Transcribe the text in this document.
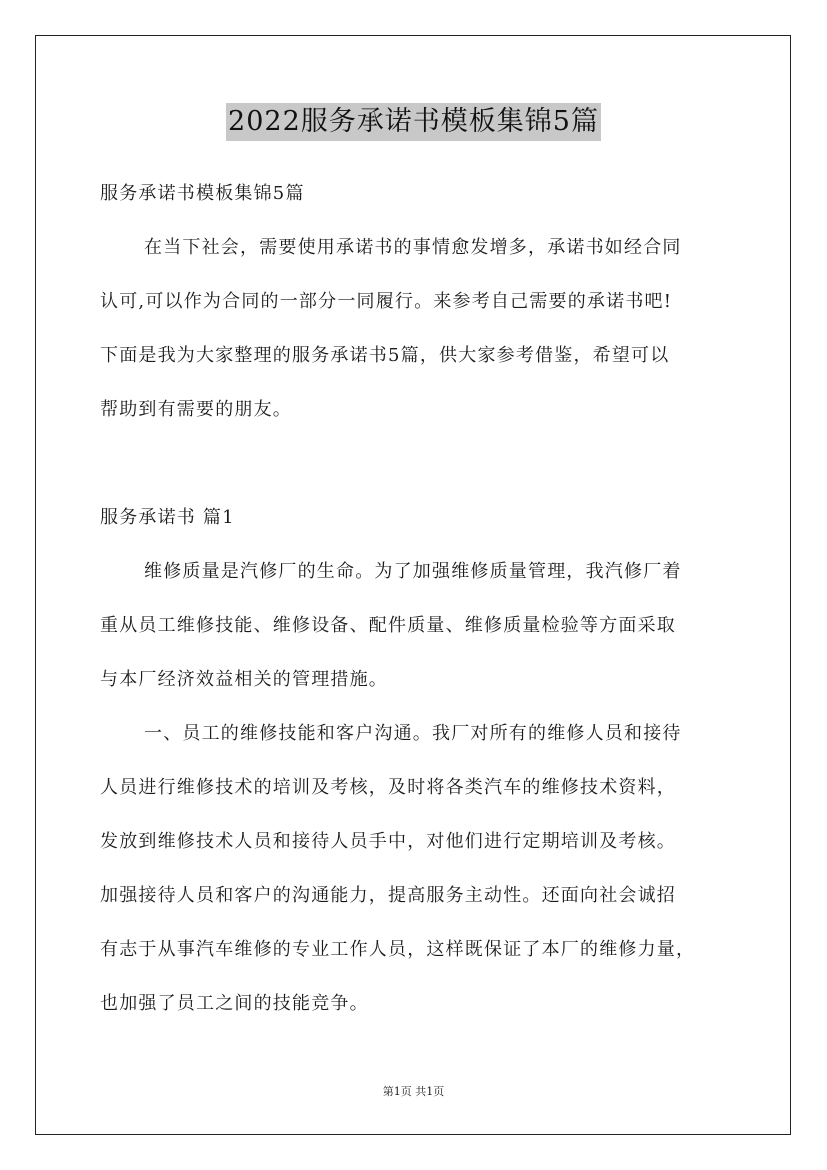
2022服务承诺书模板集锦5篇
服务承诺书模板集锦5篇
在当下社会，需要使用承诺书的事情愈发增多，承诺书如经合同
认可,可以作为合同的一部分一同履行。来参考自己需要的承诺书吧!
下面是我为大家整理的服务承诺书5篇，供大家参考借鉴，希望可以
帮助到有需要的朋友。
服务承诺书 篇1
维修质量是汽修厂的生命。为了加强维修质量管理，我汽修厂着
重从员工维修技能、维修设备、配件质量、维修质量检验等方面采取
与本厂经济效益相关的管理措施。
一、员工的维修技能和客户沟通。我厂对所有的维修人员和接待
人员进行维修技术的培训及考核，及时将各类汽车的维修技术资料，
发放到维修技术人员和接待人员手中，对他们进行定期培训及考核。
加强接待人员和客户的沟通能力，提高服务主动性。还面向社会诚招
有志于从事汽车维修的专业工作人员，这样既保证了本厂的维修力量，
也加强了员工之间的技能竞争。
第1页 共1页
